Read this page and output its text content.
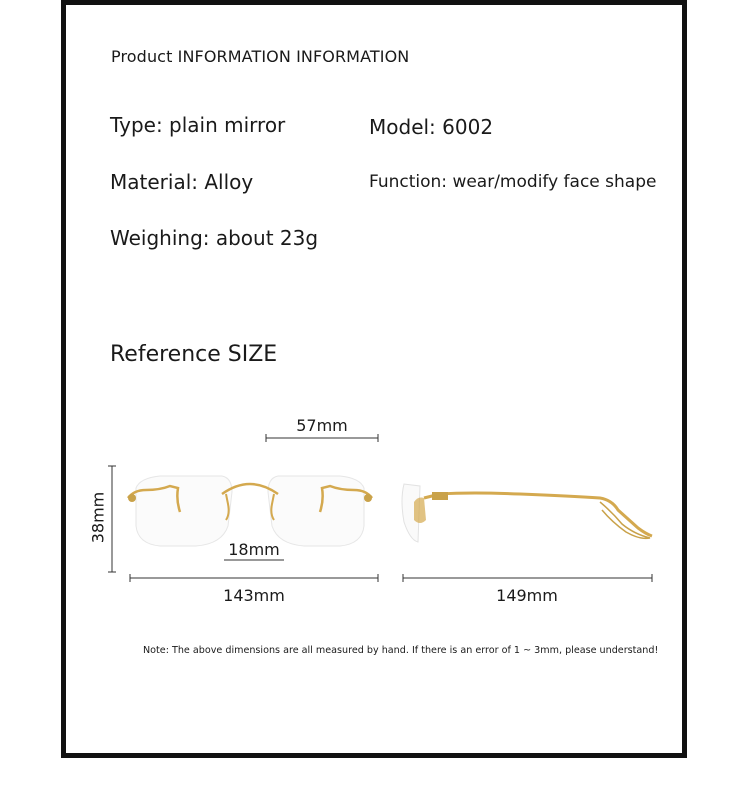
Product INFORMATION INFORMATION
Type: plain mirror	Model: 6002
Material: Alloy	Function: wear/modify face shape
Weighing: about 23g
Reference SIZE
57mm
38mm
18mm
143mm	149mm
Note: The above dimensions are all measured by hand. If there is an error of 1 ~ 3mm, please understand!
